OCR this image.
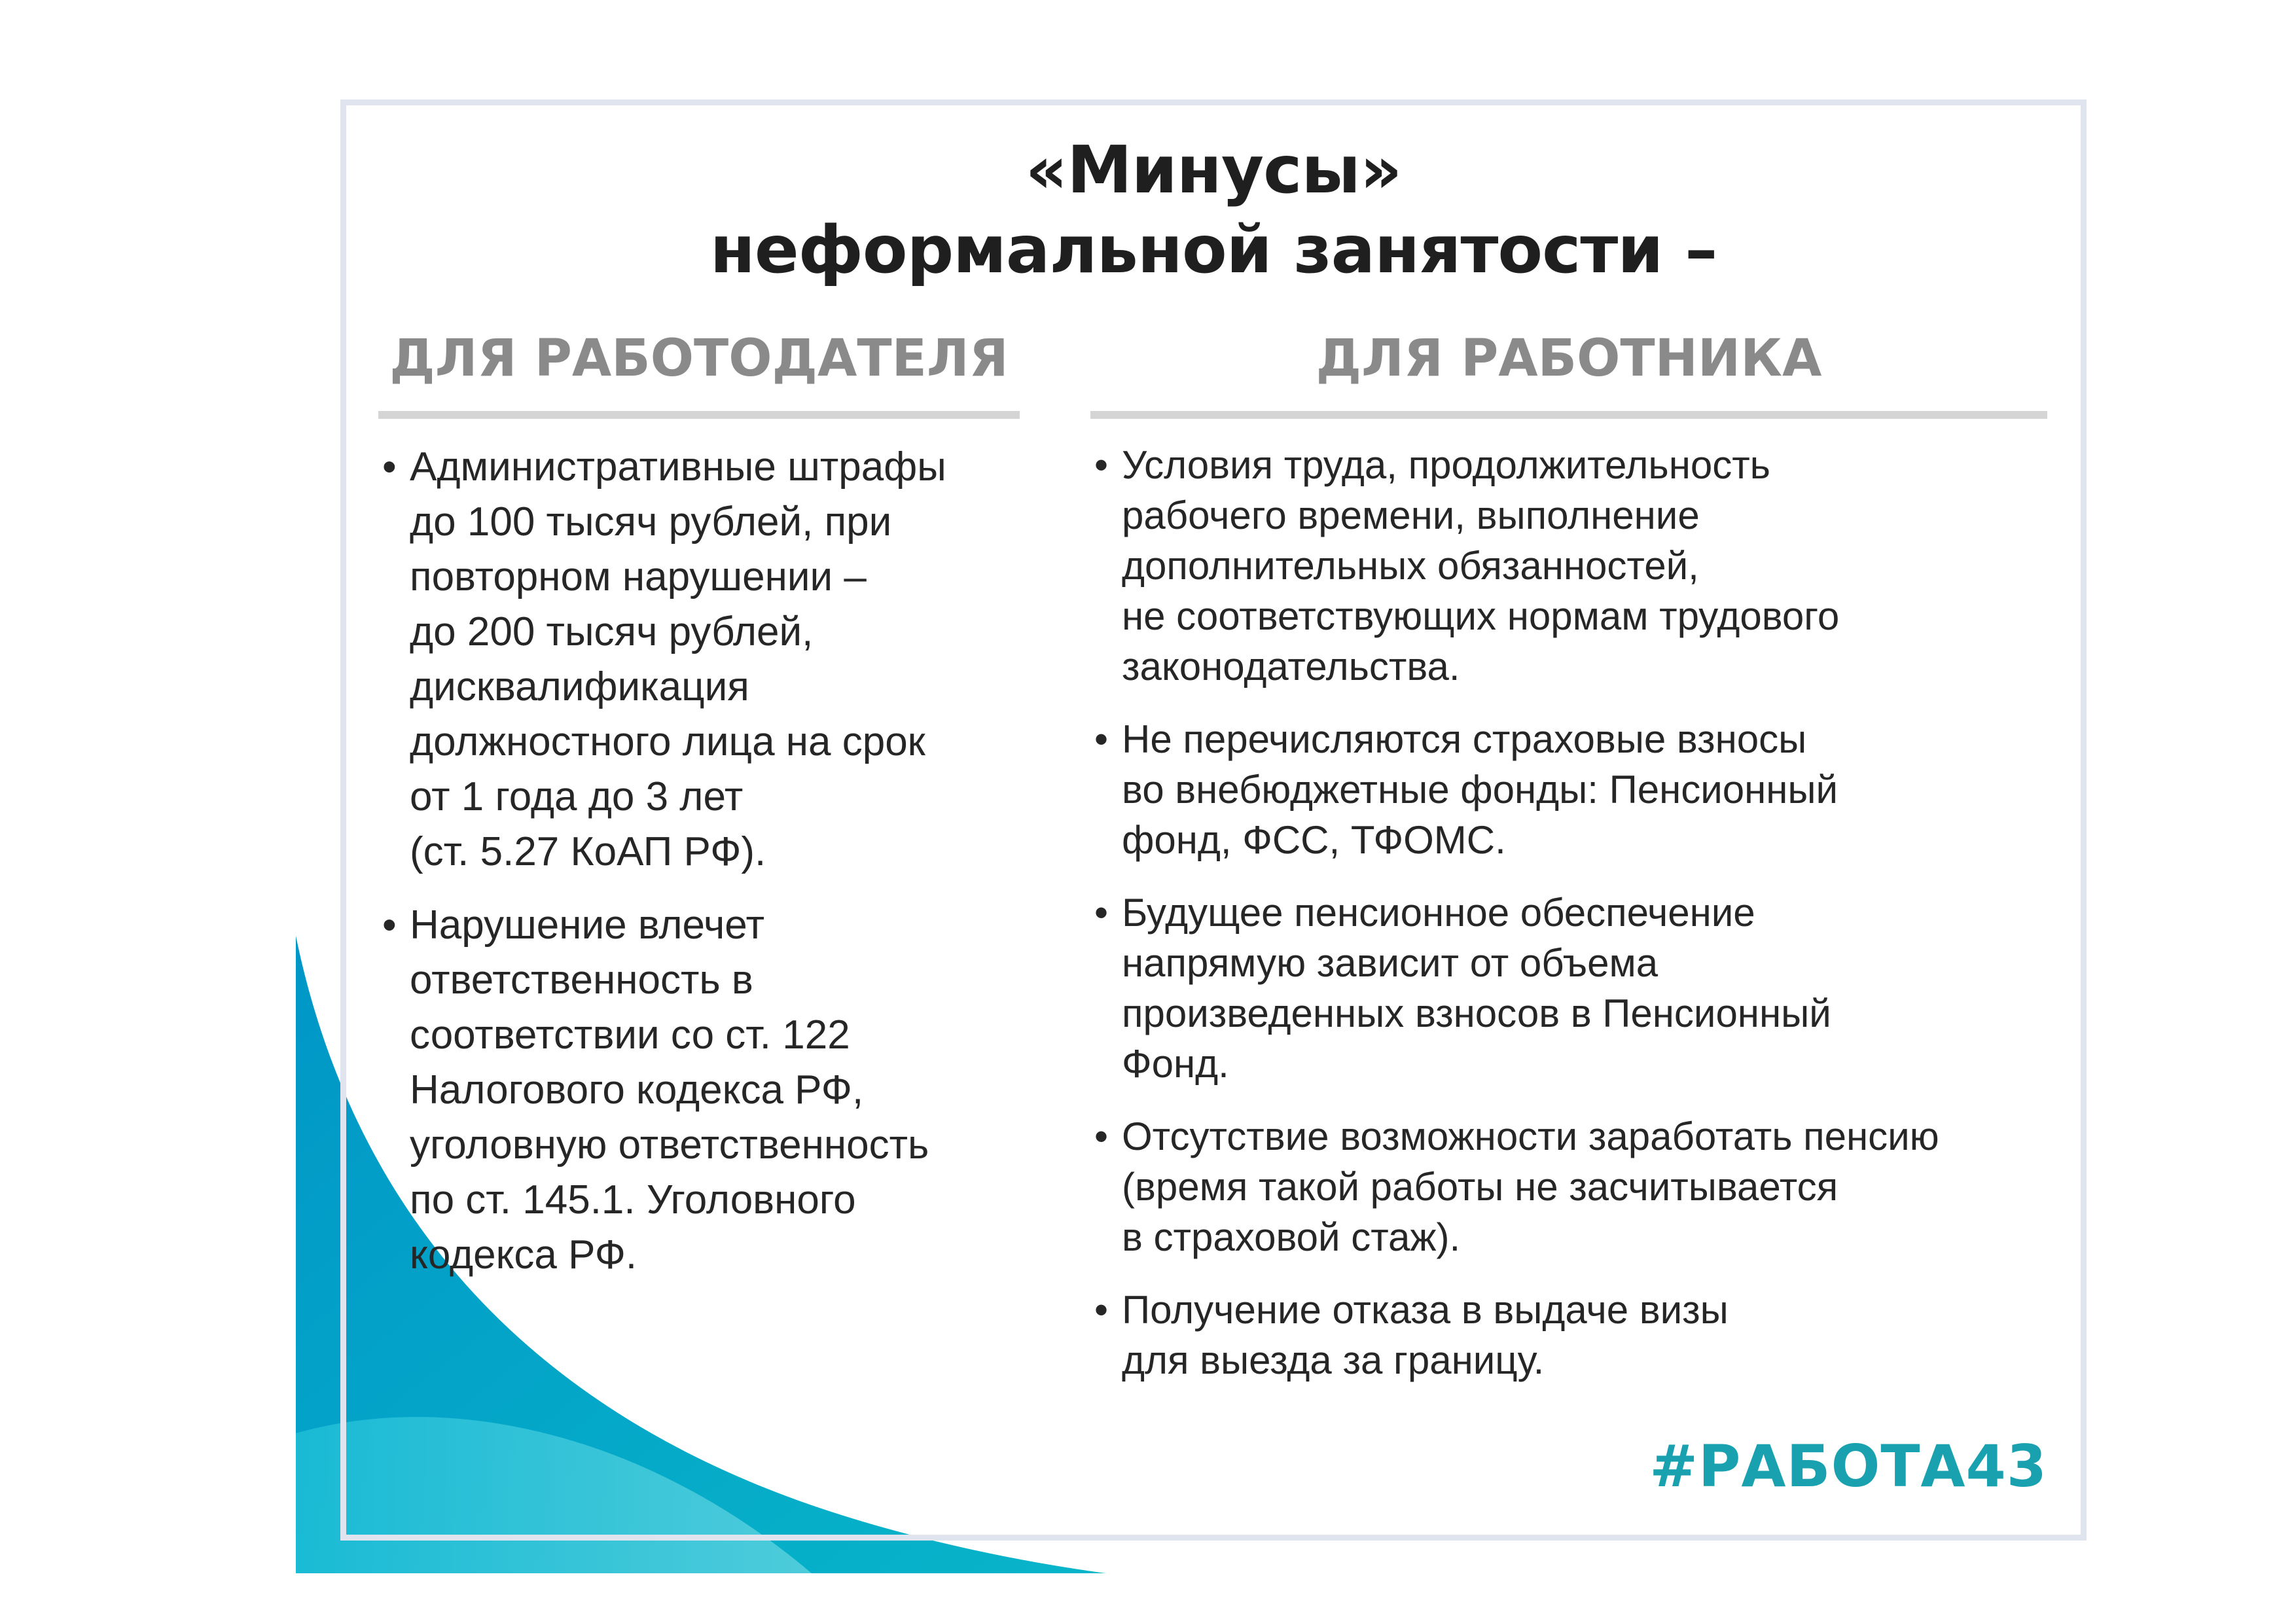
«Минусы»
неформальной занятости –
ДЛЯ РАБОТОДАТЕЛЯ	ДЛЯ РАБОТНИКА
• Административные штрафы
до 100 тысяч рублей, при
повторном нарушении –
до 200 тысяч рублей,
дисквалификация
должностного лица на срок
от 1 года до 3 лет
(ст. 5.27 КоАП РФ).
• Нарушение влечет
ответственность в
соответствии со ст. 122
Налогового кодекса РФ,
уголовную ответственность
по ст. 145.1. Уголовного
кодекса РФ.
• Условия труда, продолжительность
рабочего времени, выполнение
дополнительных обязанностей,
не соответствующих нормам трудового
законодательства.
• Не перечисляются страховые взносы
во внебюджетные фонды: Пенсионный
фонд, ФСС, ТФОМС.
• Будущее пенсионное обеспечение
напрямую зависит от объема
произведенных взносов в Пенсионный
Фонд.
• Отсутствие возможности заработать пенсию
(время такой работы не засчитывается
в страховой стаж).
• Получение отказа в выдаче визы
для выезда за границу.
#РАБОТА43
